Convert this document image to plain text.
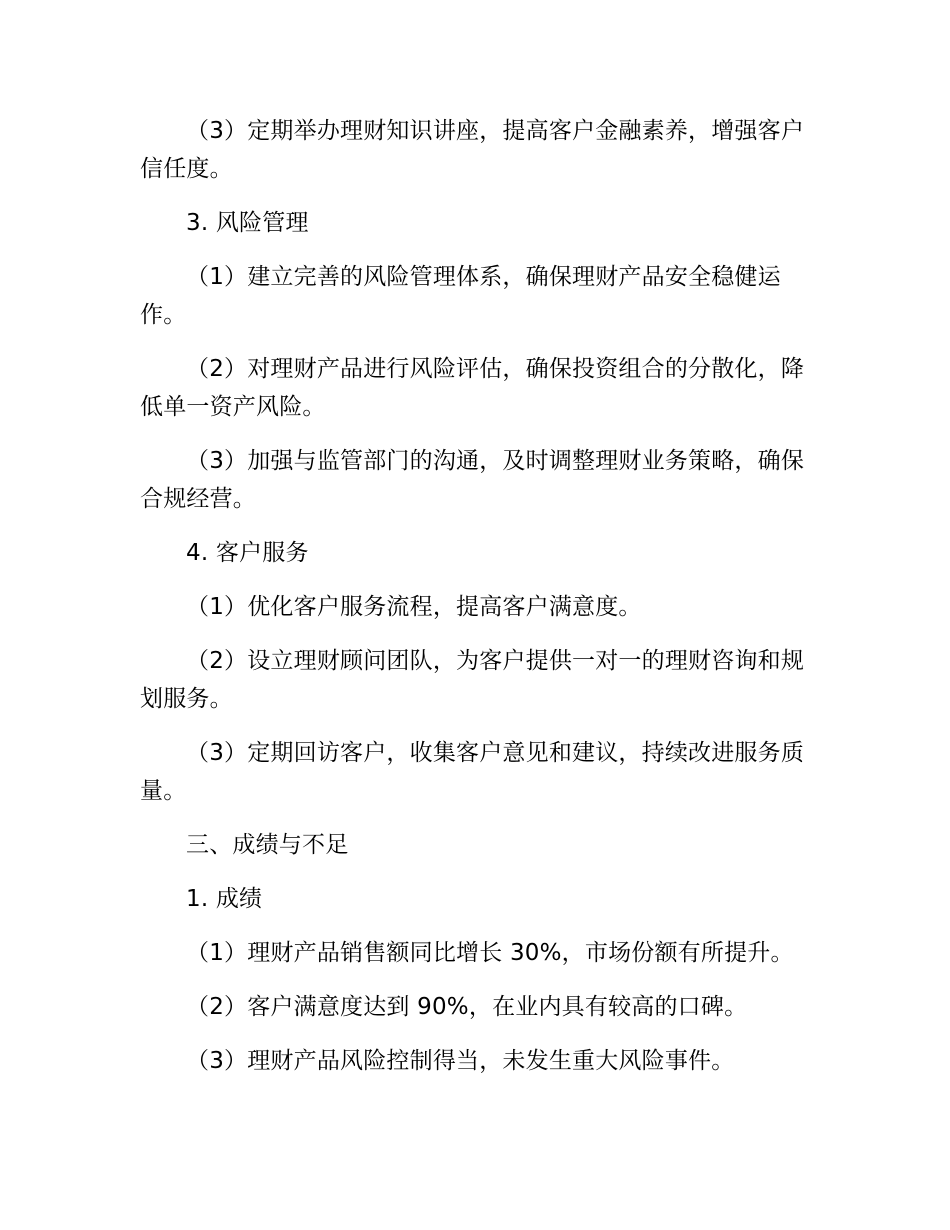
（3）定期举办理财知识讲座，提高客户金融素养，增强客户信任度。

3. 风险管理

（1）建立完善的风险管理体系，确保理财产品安全稳健运作。

（2）对理财产品进行风险评估，确保投资组合的分散化，降低单一资产风险。

（3）加强与监管部门的沟通，及时调整理财业务策略，确保合规经营。

4. 客户服务

（1）优化客户服务流程，提高客户满意度。

（2）设立理财顾问团队，为客户提供一对一的理财咨询和规划服务。

（3）定期回访客户，收集客户意见和建议，持续改进服务质量。

三、成绩与不足

1. 成绩

（1）理财产品销售额同比增长 30%，市场份额有所提升。

（2）客户满意度达到 90%，在业内具有较高的口碑。

（3）理财产品风险控制得当，未发生重大风险事件。
